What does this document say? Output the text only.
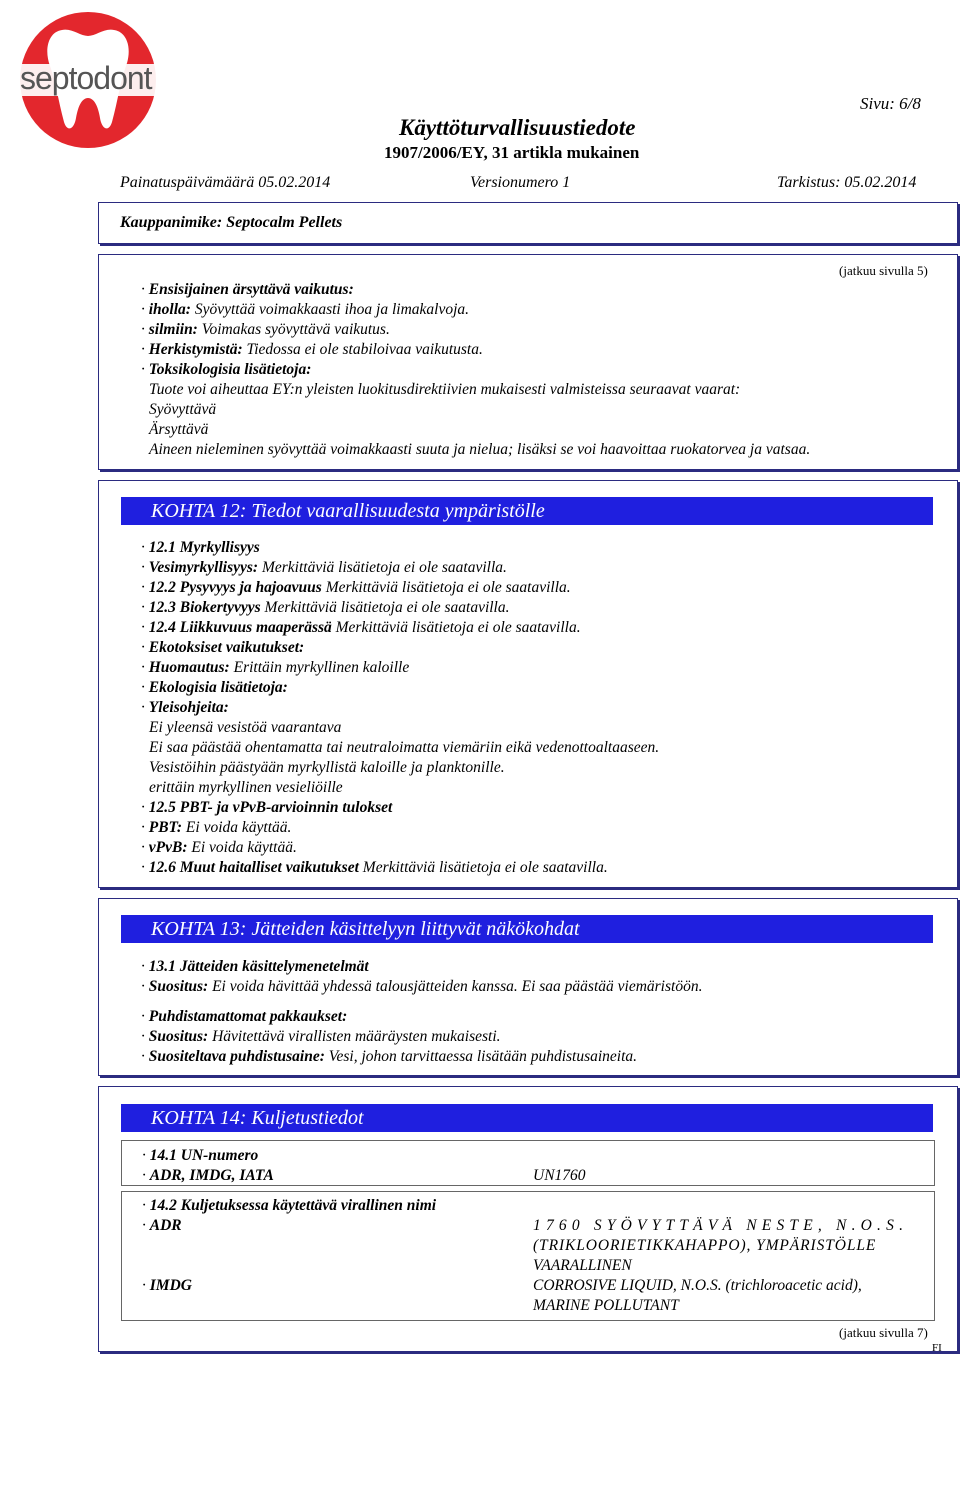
septodont
Sivu: 6/8
Käyttöturvallisuustiedote
1907/2006/EY, 31 artikla mukainen
Painatuspäivämäärä 05.02.2014	Versionumero 1	Tarkistus: 05.02.2014
Kauppanimike: Septocalm Pellets
(jatkuu sivulla 5)
· Ensisijainen ärsyttävä vaikutus:
· iholla: Syövyttää voimakkaasti ihoa ja limakalvoja.
· silmiin: Voimakas syövyttävä vaikutus.
· Herkistymistä: Tiedossa ei ole stabiloivaa vaikutusta.
· Toksikologisia lisätietoja:
Tuote voi aiheuttaa EY:n yleisten luokitusdirektiivien mukaisesti valmisteissa seuraavat vaarat:
Syövyttävä
Ärsyttävä
Aineen nieleminen syövyttää voimakkaasti suuta ja nielua; lisäksi se voi haavoittaa ruokatorvea ja vatsaa.
KOHTA 12: Tiedot vaarallisuudesta ympäristölle
· 12.1 Myrkyllisyys
· Vesimyrkyllisyys: Merkittäviä lisätietoja ei ole saatavilla.
· 12.2 Pysyvyys ja hajoavuus Merkittäviä lisätietoja ei ole saatavilla.
· 12.3 Biokertyvyys Merkittäviä lisätietoja ei ole saatavilla.
· 12.4 Liikkuvuus maaperässä Merkittäviä lisätietoja ei ole saatavilla.
· Ekotoksiset vaikutukset:
· Huomautus: Erittäin myrkyllinen kaloille
· Ekologisia lisätietoja:
· Yleisohjeita:
Ei yleensä vesistöä vaarantava
Ei saa päästää ohentamatta tai neutraloimatta viemäriin eikä vedenottoaltaaseen.
Vesistöihin päästyään myrkyllistä kaloille ja planktonille.
erittäin myrkyllinen vesieliöille
· 12.5 PBT- ja vPvB-arvioinnin tulokset
· PBT: Ei voida käyttää.
· vPvB: Ei voida käyttää.
· 12.6 Muut haitalliset vaikutukset Merkittäviä lisätietoja ei ole saatavilla.
KOHTA 13: Jätteiden käsittelyyn liittyvät näkökohdat
· 13.1 Jätteiden käsittelymenetelmät
· Suositus: Ei voida hävittää yhdessä talousjätteiden kanssa. Ei saa päästää viemäristöön.
· Puhdistamattomat pakkaukset:
· Suositus: Hävitettävä virallisten määräysten mukaisesti.
· Suositeltava puhdistusaine: Vesi, johon tarvittaessa lisätään puhdistusaineita.
KOHTA 14: Kuljetustiedot
· 14.1 UN-numero
· ADR, IMDG, IATA	UN1760
· 14.2 Kuljetuksessa käytettävä virallinen nimi
· ADR	1760 SYÖVYTTÄVÄ NESTE, N.O.S.
(TRIKLOORIETIKKAHAPPO), YMPÄRISTÖLLE
VAARALLINEN
· IMDG	CORROSIVE LIQUID, N.O.S. (trichloroacetic acid),
MARINE POLLUTANT
(jatkuu sivulla 7)
FI
